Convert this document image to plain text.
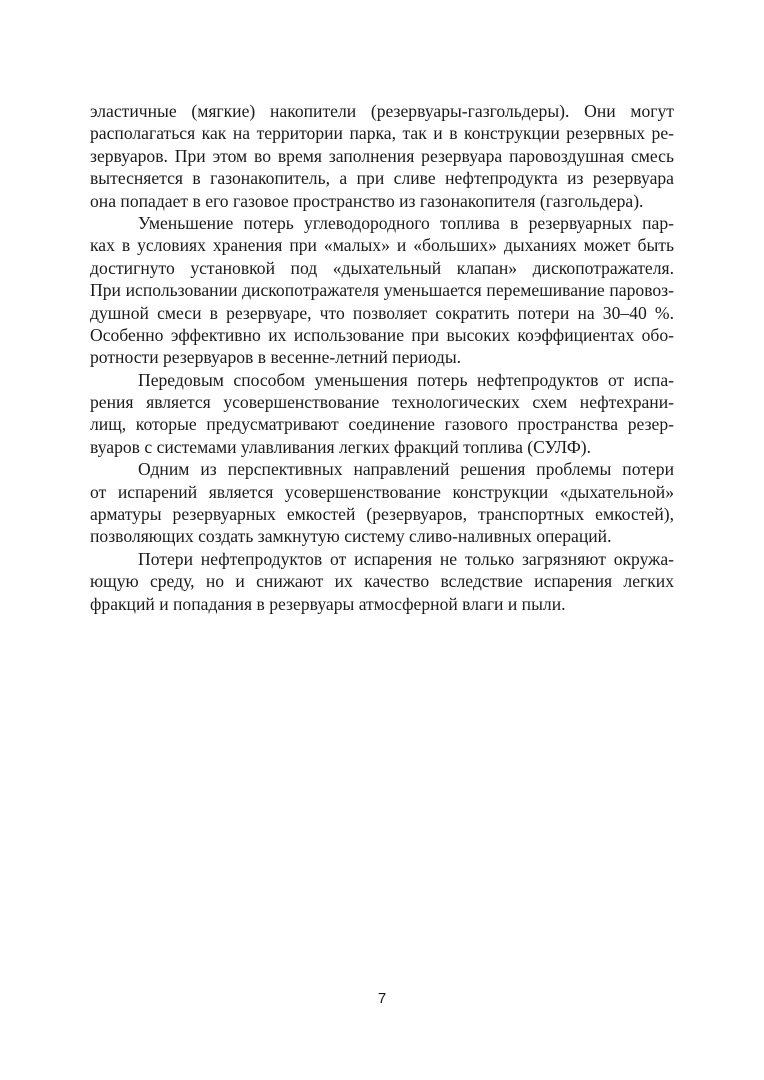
эластичные (мягкие) накопители (резервуары-газгольдеры). Они могут
располагаться как на территории парка, так и в конструкции резервных ре-
зервуаров. При этом во время заполнения резервуара паровоздушная смесь
вытесняется в газонакопитель, а при сливе нефтепродукта из резервуара
она попадает в его газовое пространство из газонакопителя (газгольдера).
Уменьшение потерь углеводородного топлива в резервуарных пар-
ках в условиях хранения при «малых» и «больших» дыханиях может быть
достигнуто установкой под «дыхательный клапан» дископотражателя.
При использовании дископотражателя уменьшается перемешивание паровоз-
душной смеси в резервуаре, что позволяет сократить потери на 30–40 %.
Особенно эффективно их использование при высоких коэффициентах обо-
ротности резервуаров в весенне-летний периоды.
Передовым способом уменьшения потерь нефтепродуктов от испа-
рения является усовершенствование технологических схем нефтехрани-
лищ, которые предусматривают соединение газового пространства резер-
вуаров с системами улавливания легких фракций топлива (СУЛФ).
Одним из перспективных направлений решения проблемы потери
от испарений является усовершенствование конструкции «дыхательной»
арматуры резервуарных емкостей (резервуаров, транспортных емкостей),
позволяющих создать замкнутую систему сливо-наливных операций.
Потери нефтепродуктов от испарения не только загрязняют окружа-
ющую среду, но и снижают их качество вследствие испарения легких
фракций и попадания в резервуары атмосферной влаги и пыли.
7
